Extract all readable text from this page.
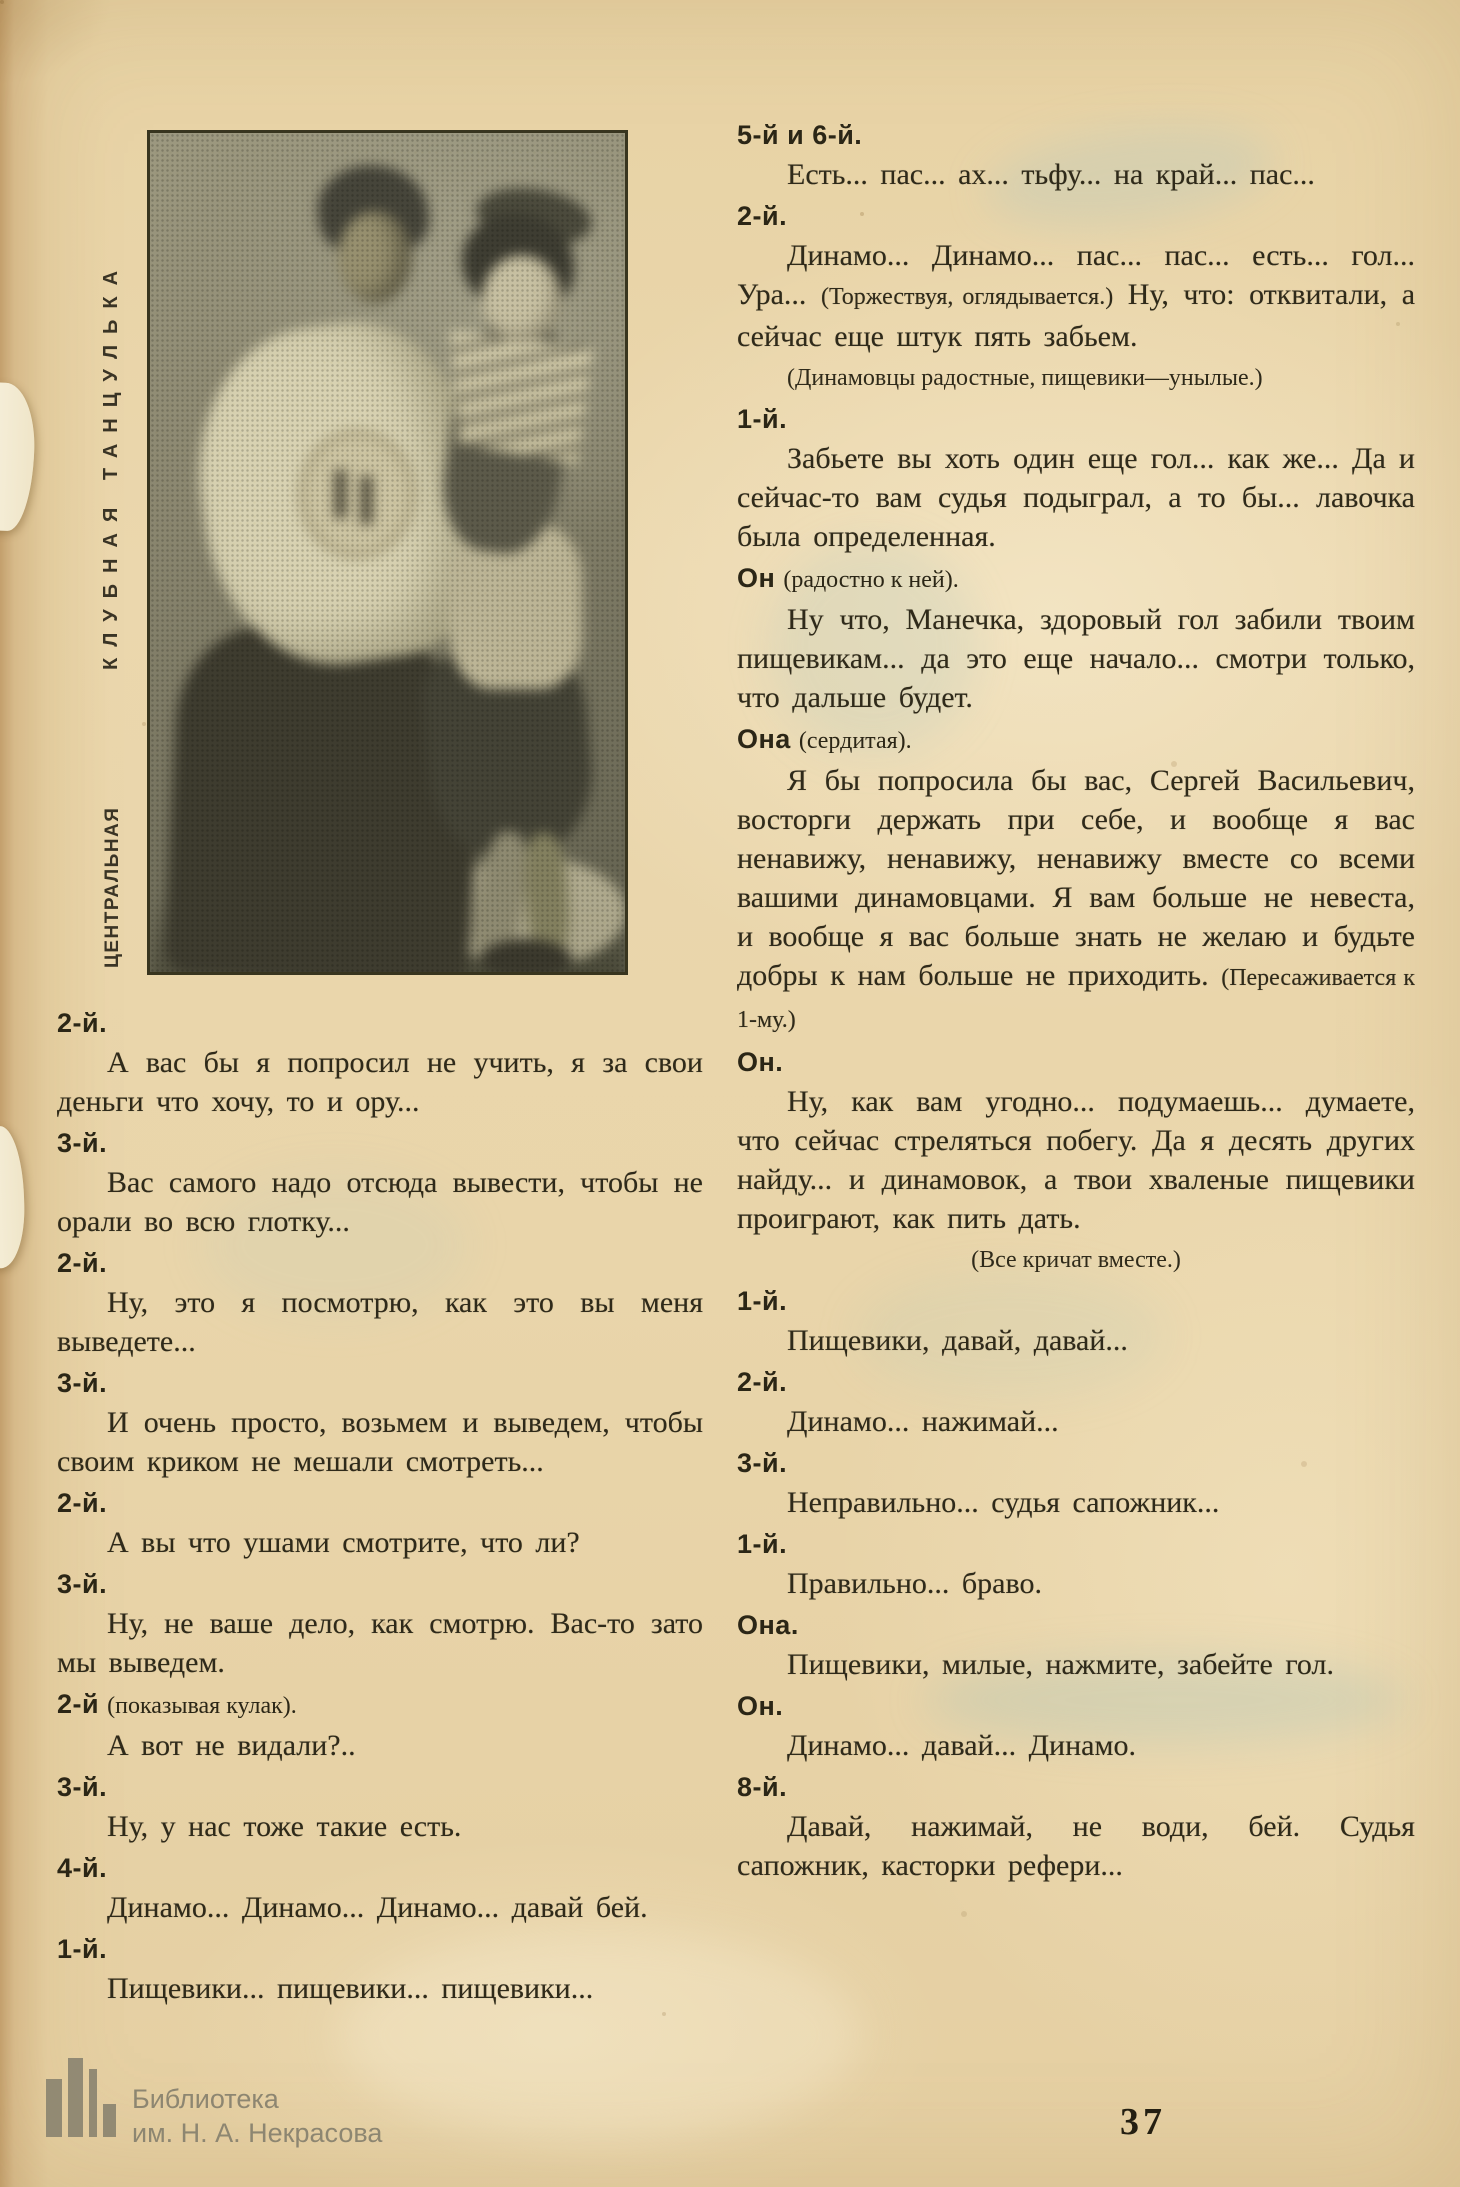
КЛУБНАЯ ТАНЦУЛЬКА
ЦЕНТРАЛЬНАЯ
2-й.

А вас бы я попросил не учить, я за свои деньги что хочу, то и ору...

3-й.

Вас самого надо отсюда вывести, чтобы не орали во всю глотку...

2-й.

Ну, это я посмотрю, как это вы меня выведете...

3-й.

И очень просто, возьмем и выведем, чтобы своим криком не мешали смотреть...

2-й.

А вы что ушами смотрите, что ли?

3-й.

Ну, не ваше дело, как смотрю. Вас-то зато мы выведем.

2-й (показывая кулак).

А вот не видали?..

3-й.

Ну, у нас тоже такие есть.

4-й.

Динамо... Динамо... Динамо... давай бей.

1-й.

Пищевики... пищевики... пищевики...

5-й и 6-й.

Есть... пас... ах... тьфу... на край... пас...

2-й.

Динамо... Динамо... пас... пас... есть... гол... Ура... (Торжествуя, оглядывается.) Ну, что: отквитали, а сейчас еще штук пять забьем.

(Динамовцы радостные, пищевики—унылые.)

1-й.

Забьете вы хоть один еще гол... как же... Да и сейчас-то вам судья подыграл, а то бы... лавочка была определенная.

Он (радостно к ней).

Ну что, Манечка, здоровый гол забили твоим пищевикам... да это еще начало... смотри только, что дальше будет.

Она (сердитая).

Я бы попросила бы вас, Сергей Васильевич, восторги держать при себе, и вообще я вас ненавижу, ненавижу, ненавижу вместе со всеми вашими динамовцами. Я вам больше не невеста, и вообще я вас больше знать не желаю и будьте добры к нам больше не приходить. (Пересаживается к 1-му.)

Он.

Ну, как вам угодно... подумаешь... думаете, что сейчас стреляться побегу. Да я десять других найду... и динамовок, а твои хваленые пищевики проиграют, как пить дать.

(Все кричат вместе.)

1-й.

Пищевики, давай, давай...

2-й.

Динамо... нажимай...

3-й.

Неправильно... судья сапожник...

1-й.

Правильно... браво.

Она.

Пищевики, милые, нажмите, забейте гол.

Он.

Динамо... давай... Динамо.

8-й.

Давай, нажимай, не води, бей. Судья сапожник, касторки рефери...

Библиотека
им. Н. А. Некрасова	37
